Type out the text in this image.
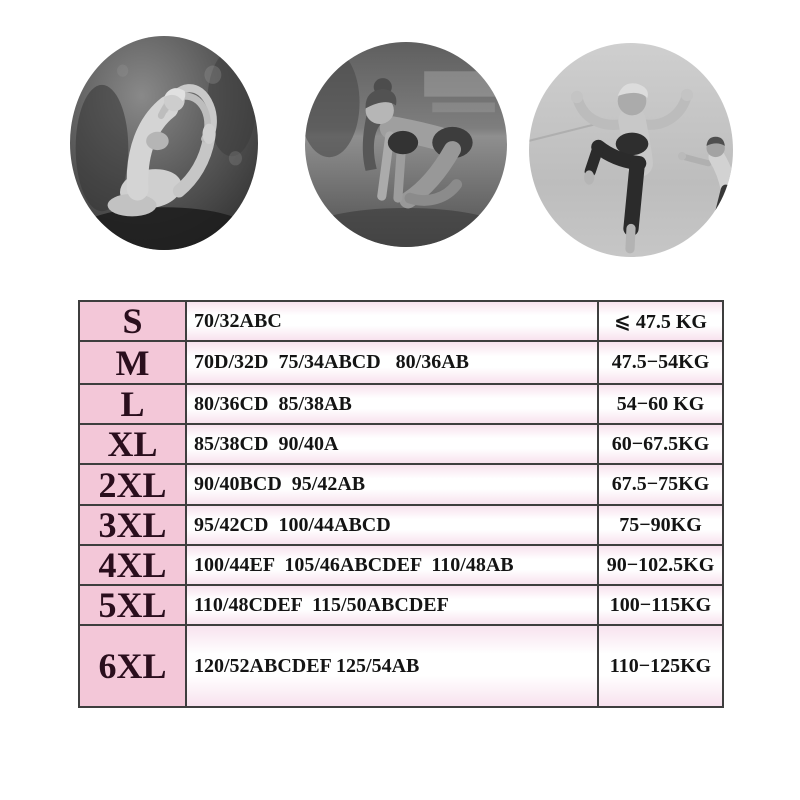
S	70/32ABC	⩽ 47.5 KG
M	70D/32D  75/34ABCD   80/36AB	47.5−54KG
L	80/36CD  85/38AB	54−60 KG
XL	85/38CD  90/40A	60−67.5KG
2XL	90/40BCD  95/42AB	67.5−75KG
3XL	95/42CD  100/44ABCD	75−90KG
4XL	100/44EF  105/46ABCDEF  110/48AB	90−102.5KG
5XL	110/48CDEF  115/50ABCDEF	100−115KG
6XL	120/52ABCDEF 125/54AB	110−125KG
